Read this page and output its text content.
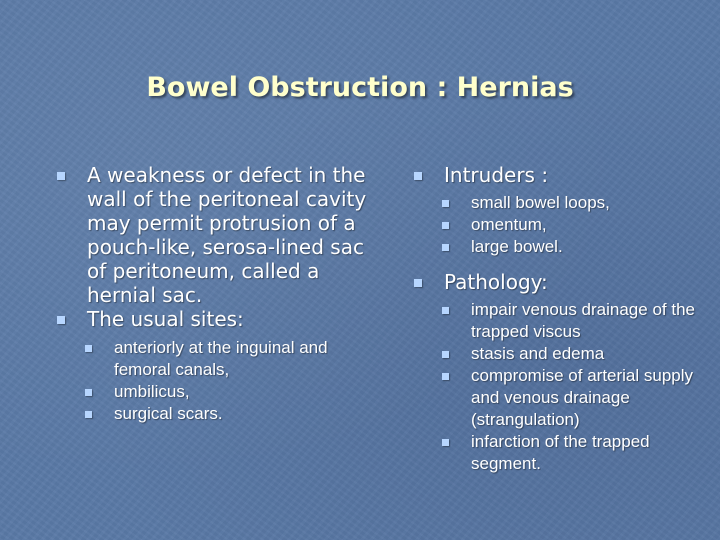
Bowel Obstruction : Hernias
A weakness or defect in the wall of the peritoneal cavity may permit protrusion of a pouch-like, serosa-lined sac of peritoneum, called a hernial sac.
The usual sites:
anteriorly at the inguinal and femoral canals,
umbilicus,
surgical scars.
Intruders :
small bowel loops,
omentum,
large bowel.
Pathology:
impair venous drainage of the trapped viscus
stasis and edema
compromise of arterial supply and venous drainage (strangulation)
infarction of the trapped segment.
